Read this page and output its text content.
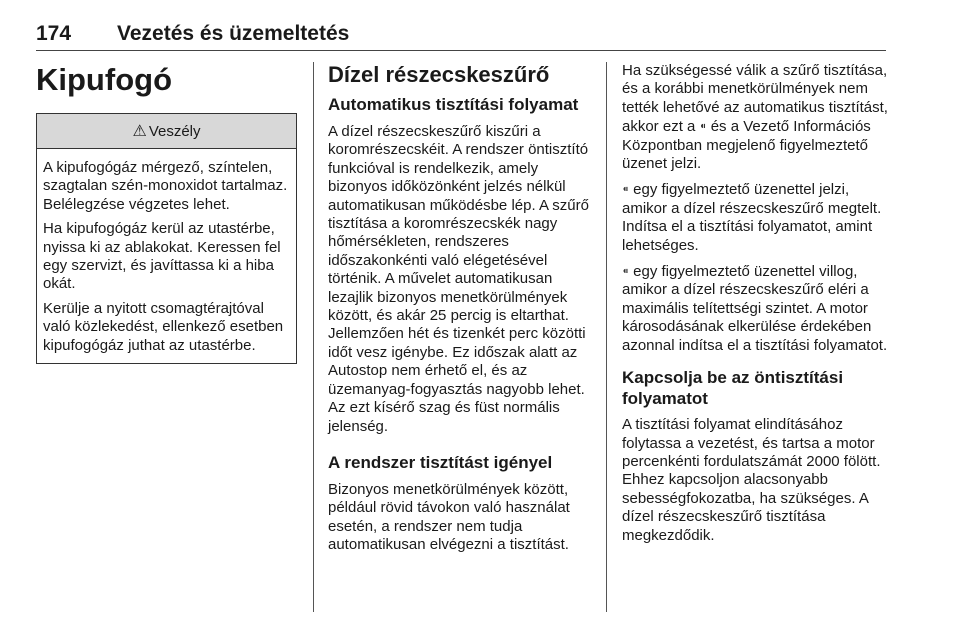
174 Vezetés és üzemeltetés
Kipufogó
⚠ Veszély

A kipufogógáz mérgező, színtelen, szagtalan szén-monoxidot tartalmaz. Belélegzése végzetes lehet.

Ha kipufogógáz kerül az utastérbe, nyissa ki az ablakokat. Keressen fel egy szervizt, és javíttassa ki a hiba okát.

Kerülje a nyitott csomagtérajtóval való közlekedést, ellenkező esetben kipufogógáz juthat az utastérbe.

Dízel részecskeszűrő
Automatikus tisztítási folyamat

A dízel részecskeszűrő kiszűri a koromrészecskéit. A rendszer öntisztító funkcióval is rendelkezik, amely bizonyos időközönként jelzés nélkül automatikusan működésbe lép. A szűrő tisztítása a koromrészecskék nagy hőmérsékleten, rendszeres időszakonkénti való elégetésével történik. A művelet automatikusan lezajlik bizonyos menetkörülmények között, és akár 25 percig is eltarthat. Jellemzően hét és tizenkét perc közötti időt vesz igénybe. Ez időszak alatt az Autostop nem érhető el, és az üzemanyag-fogyasztás nagyobb lehet. Az ezt kísérő szag és füst normális jelenség.

A rendszer tisztítást igényel

Bizonyos menetkörülmények között, például rövid távokon való használat esetén, a rendszer nem tudja automatikusan elvégezni a tisztítást.

Ha szükségessé válik a szűrő tisztítása, és a korábbi menetkörülmények nem tették lehetővé az automatikus tisztítást, akkor ezt a ⁌ és a Vezető Információs Központban megjelenő figyelmeztető üzenet jelzi.

⁌ egy figyelmeztető üzenettel jelzi, amikor a dízel részecskeszűrő megtelt. Indítsa el a tisztítási folyamatot, amint lehetséges.

⁌ egy figyelmeztető üzenettel villog, amikor a dízel részecskeszűrő eléri a maximális telítettségi szintet. A motor károsodásának elkerülése érdekében azonnal indítsa el a tisztítási folyamatot.

Kapcsolja be az öntisztítási folyamatot

A tisztítási folyamat elindításához folytassa a vezetést, és tartsa a motor percenkénti fordulatszámát 2000 fölött. Ehhez kapcsoljon alacsonyabb sebességfokozatba, ha szükséges. A dízel részecskeszűrő tisztítása megkezdődik.
